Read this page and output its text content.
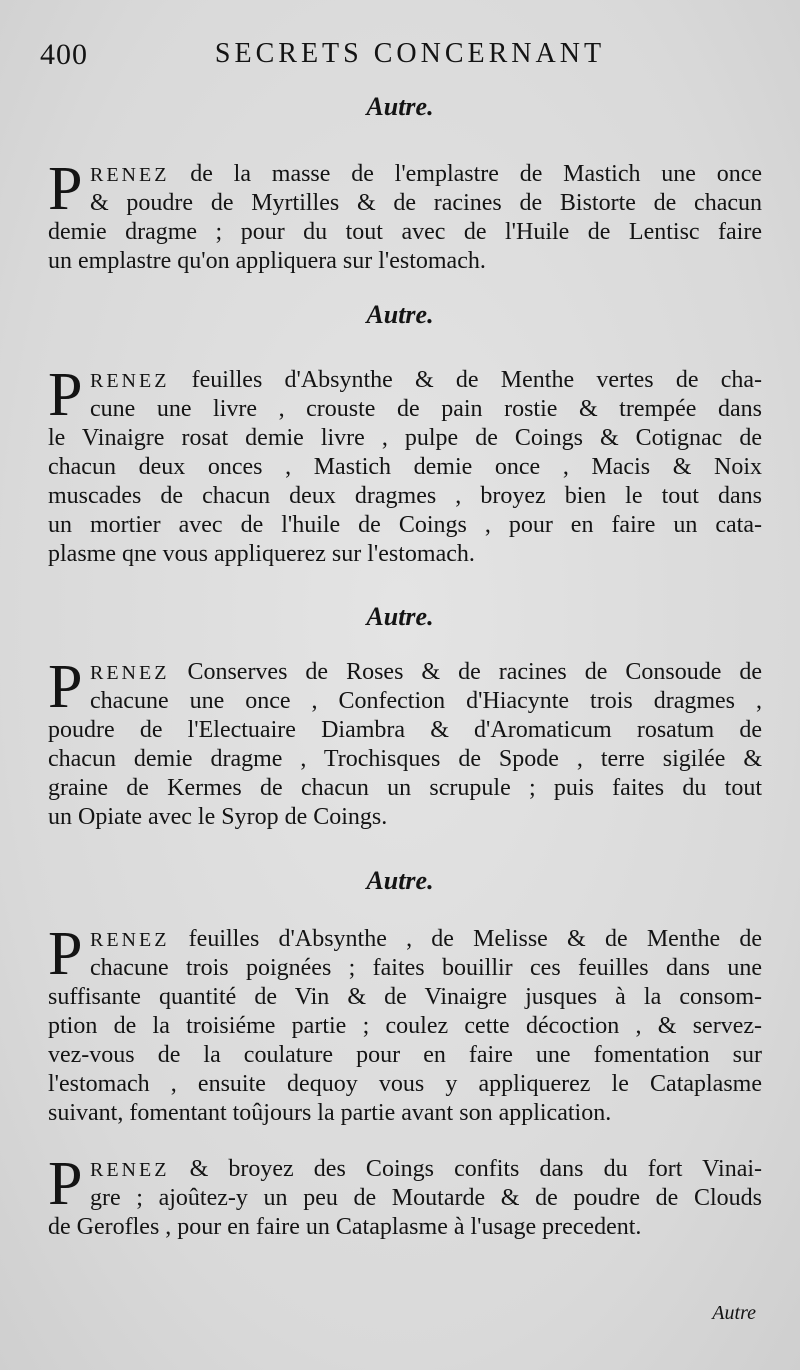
400	SECRETS CONCERNANT
Autre.
P RENEZ de la masse de l'emplastre de Mastich une once
& poudre de Myrtilles & de racines de Bistorte de chacun
demie dragme ; pour du tout avec de l'Huile de Lentisc faire
un emplastre qu'on appliquera sur l'estomach.
Autre.
P RENEZ feuilles d'Absynthe & de Menthe vertes de cha-
cune une livre , crouste de pain rostie & trempée dans
le Vinaigre rosat demie livre , pulpe de Coings & Cotignac de
chacun deux onces , Mastich demie once , Macis & Noix
muscades de chacun deux dragmes , broyez bien le tout dans
un mortier avec de l'huile de Coings , pour en faire un cata-
plasme qne vous appliquerez sur l'estomach.
Autre.
P RENEZ Conserves de Roses & de racines de Consoude de
chacune une once , Confection d'Hiacynte trois dragmes ,
poudre de l'Electuaire Diambra & d'Aromaticum rosatum de
chacun demie dragme , Trochisques de Spode , terre sigilée &
graine de Kermes de chacun un scrupule ; puis faites du tout
un Opiate avec le Syrop de Coings.
Autre.
P RENEZ feuilles d'Absynthe , de Melisse & de Menthe de
chacune trois poignées ; faites bouillir ces feuilles dans une
suffisante quantité de Vin & de Vinaigre jusques à la consom-
ption de la troisiéme partie ; coulez cette décoction , & servez-
vez-vous de la coulature pour en faire une fomentation sur
l'estomach , ensuite dequoy vous y appliquerez le Cataplasme
suivant, fomentant toûjours la partie avant son application.
P RENEZ & broyez des Coings confits dans du fort Vinai-
gre ; ajoûtez-y un peu de Moutarde & de poudre de Clouds
de Gerofles , pour en faire un Cataplasme à l'usage precedent.
Autre
